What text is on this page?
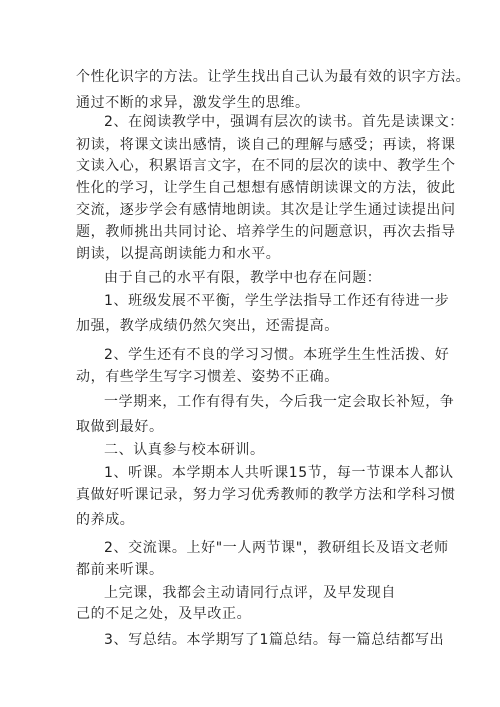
个性化识字的方法。让学生找出自己认为最有效的识字方法。
通过不断的求异，激发学生的思维。
2、在阅读教学中，强调有层次的读书。首先是读课文：
初读，将课文读出感情，谈自己的理解与感受；再读，将课
文读入心，积累语言文字，在不同的层次的读中、教学生个
性化的学习，让学生自己想想有感情朗读课文的方法，彼此
交流，逐步学会有感情地朗读。其次是让学生通过读提出问
题，教师挑出共同讨论、培养学生的问题意识，再次去指导
朗读，以提高朗读能力和水平。
由于自己的水平有限，教学中也存在问题：
1、班级发展不平衡，学生学法指导工作还有待进一步
加强，教学成绩仍然欠突出，还需提高。
2、学生还有不良的学习习惯。本班学生生性活拨、好
动，有些学生写字习惯差、姿势不正确。
一学期来，工作有得有失，今后我一定会取长补短，争
取做到最好。
二、认真参与校本研训。
1、听课。本学期本人共听课15节，每一节课本人都认
真做好听课记录，努力学习优秀教师的教学方法和学科习惯
的养成。
2、交流课。上好"一人两节课"，教研组长及语文老师
都前来听课。
上完课，我都会主动请同行点评，及早发现自
己的不足之处，及早改正。
3、写总结。本学期写了1篇总结。每一篇总结都写出
